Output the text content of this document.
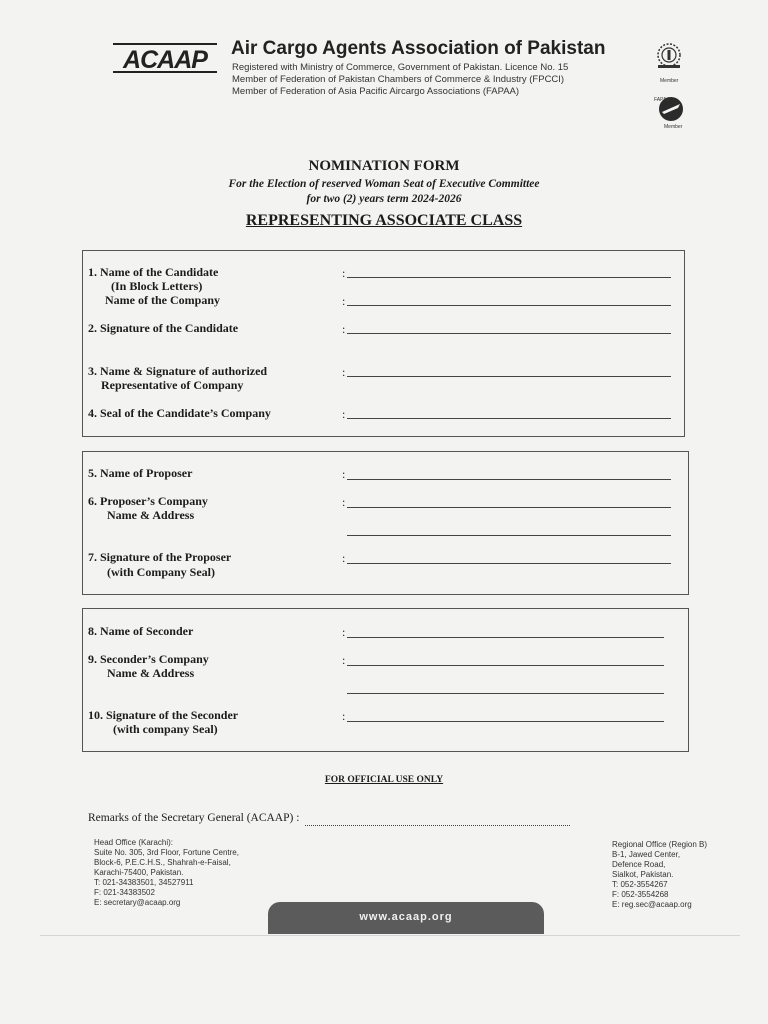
ACAAP Air Cargo Agents Association of Pakistan
Registered with Ministry of Commerce, Government of Pakistan. Licence No. 15
Member of Federation of Pakistan Chambers of Commerce & Industry (FPCCI)
Member of Federation of Asia Pacific Aircargo Associations (FAPAA)
Member
FAPAA
Member
NOMINATION FORM
For the Election of reserved Woman Seat of Executive Committee
for two (2) years term 2024-2026
REPRESENTING ASSOCIATE CLASS
1. Name of the Candidate
(In Block Letters)
Name of the Company
2. Signature of the Candidate
3. Name & Signature of authorized
Representative of Company
4. Seal of the Candidate’s Company
:
:
:
:
:
5. Name of Proposer
6. Proposer’s Company
Name & Address
7. Signature of the Proposer
(with Company Seal)
:
:
:
8. Name of Seconder
9. Seconder’s Company
Name & Address
10. Signature of the Seconder
(with company Seal)
:
:
:
FOR OFFICIAL USE ONLY
Remarks of the Secretary General (ACAAP) :
Head Office (Karachi):
Suite No. 305, 3rd Floor, Fortune Centre,
Block-6, P.E.C.H.S., Shahrah-e-Faisal,
Karachi-75400, Pakistan.
T: 021-34383501, 34527911
F: 021-34383502
E: secretary@acaap.org
Regional Office (Region B)
B-1, Jawed Center,
Defence Road,
Sialkot, Pakistan.
T: 052-3554267
F: 052-3554268
E: reg.sec@acaap.org
www.acaap.org
